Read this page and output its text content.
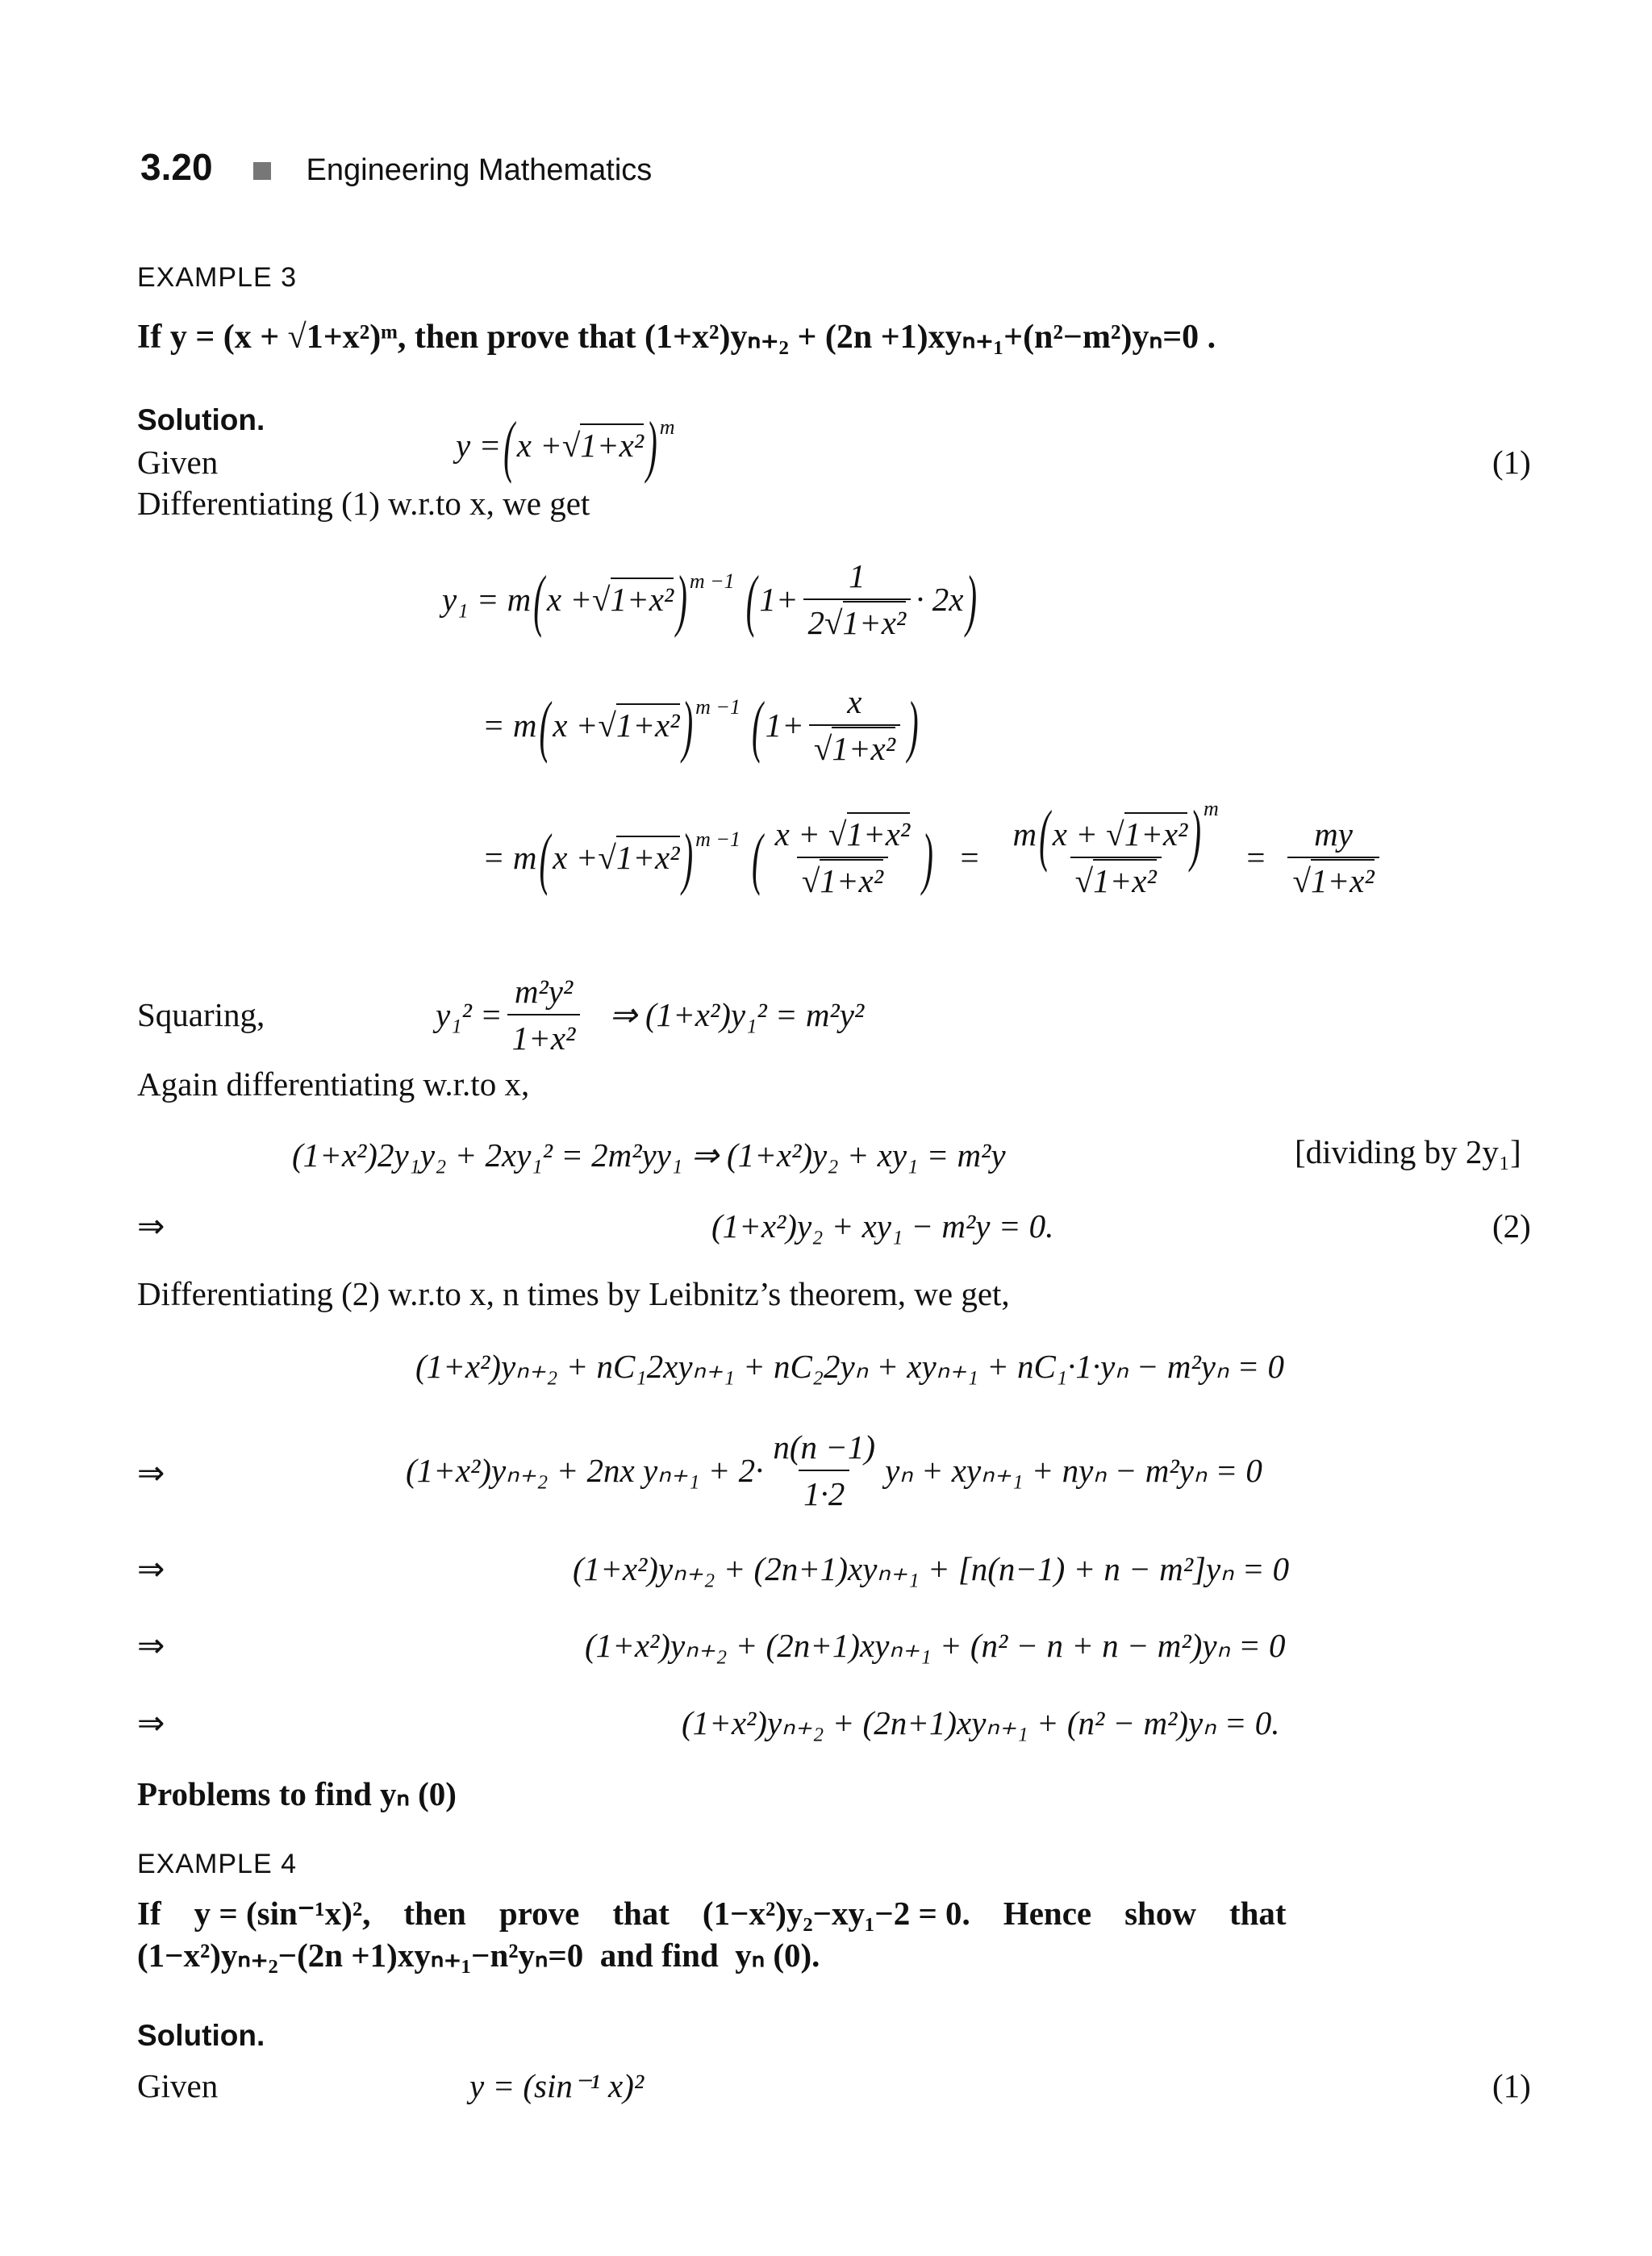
3.20	Engineering Mathematics
EXAMPLE 3
If y = (x + √1+x²)ᵐ, then prove that (1+x²)yₙ₊₂ + (2n +1)xyₙ₊₁+(n²−m²)yₙ=0 .
Solution.
Given	y = ( x + √ 1+x² ) m
(1)
Differentiating (1) w.r.to x, we get
y₁ = m ( x + √ 1+x² ) m −1 ( $1+ \frac{1}{\text{2√1+x²}} \cdot 2x$ )
= m ( x + √ 1+x² ) m −1 ( $1+ \frac{x}{\text{√1+x²}}$ )
= m ( x + √ 1+x² ) m −1 ( $\frac{\text{x + √1+x²}}{\text{√1+x²}}$ ) = $\frac{m(x + √1+x^2) ^m}{\text{√1+x²}} = \frac{my}{\text{√1+x²}}$
Squaring,	$y_1^2 = \frac{\text{m²y²}}{\text{1+x²}}$ ⇒ (1+x²)y₁² = m²y²
Again differentiating w.r.to x,
(1+x²)2y₁y₂ + 2xy₁² = 2m²yy₁ ⇒ (1+x²)y₂ + xy₁ = m²y	[dividing by 2y₁]
⇒	(1+x²)y₂ + xy₁ − m²y = 0.	(2)
Differentiating (2) w.r.to x, n times by Leibnitz’s theorem, we get,
(1+x²)yₙ₊₂ + nC₁2xyₙ₊₁ + nC₂2yₙ + xyₙ₊₁ + nC₁·1·yₙ − m²yₙ = 0
⇒	(1+x²)yₙ₊₂ + 2nx $y_{n+1} + 2\cdot \frac{n(n -1)}{1\cdot 2}$ yₙ + xyₙ₊₁ + nyₙ − m²yₙ = 0
⇒	(1+x²)yₙ₊₂ + (2n+1)xyₙ₊₁ + [n(n−1) + n − m²]yₙ = 0
⇒	(1+x²)yₙ₊₂ + (2n+1)xyₙ₊₁ + (n² − n + n − m²)yₙ = 0
⇒	(1+x²)yₙ₊₂ + (2n+1)xyₙ₊₁ + (n² − m²)yₙ = 0.
Problems to find yₙ (0)
EXAMPLE 4
If    y = (sin⁻¹x)²,    then    prove    that    (1−x²)y₂−xy₁−2 = 0.    Hence    show    that
(1−x²)yₙ₊₂−(2n +1)xyₙ₊₁−n²yₙ=0  and find  yₙ (0).
Solution.
Given	y = (sin⁻¹ x)²	(1)
